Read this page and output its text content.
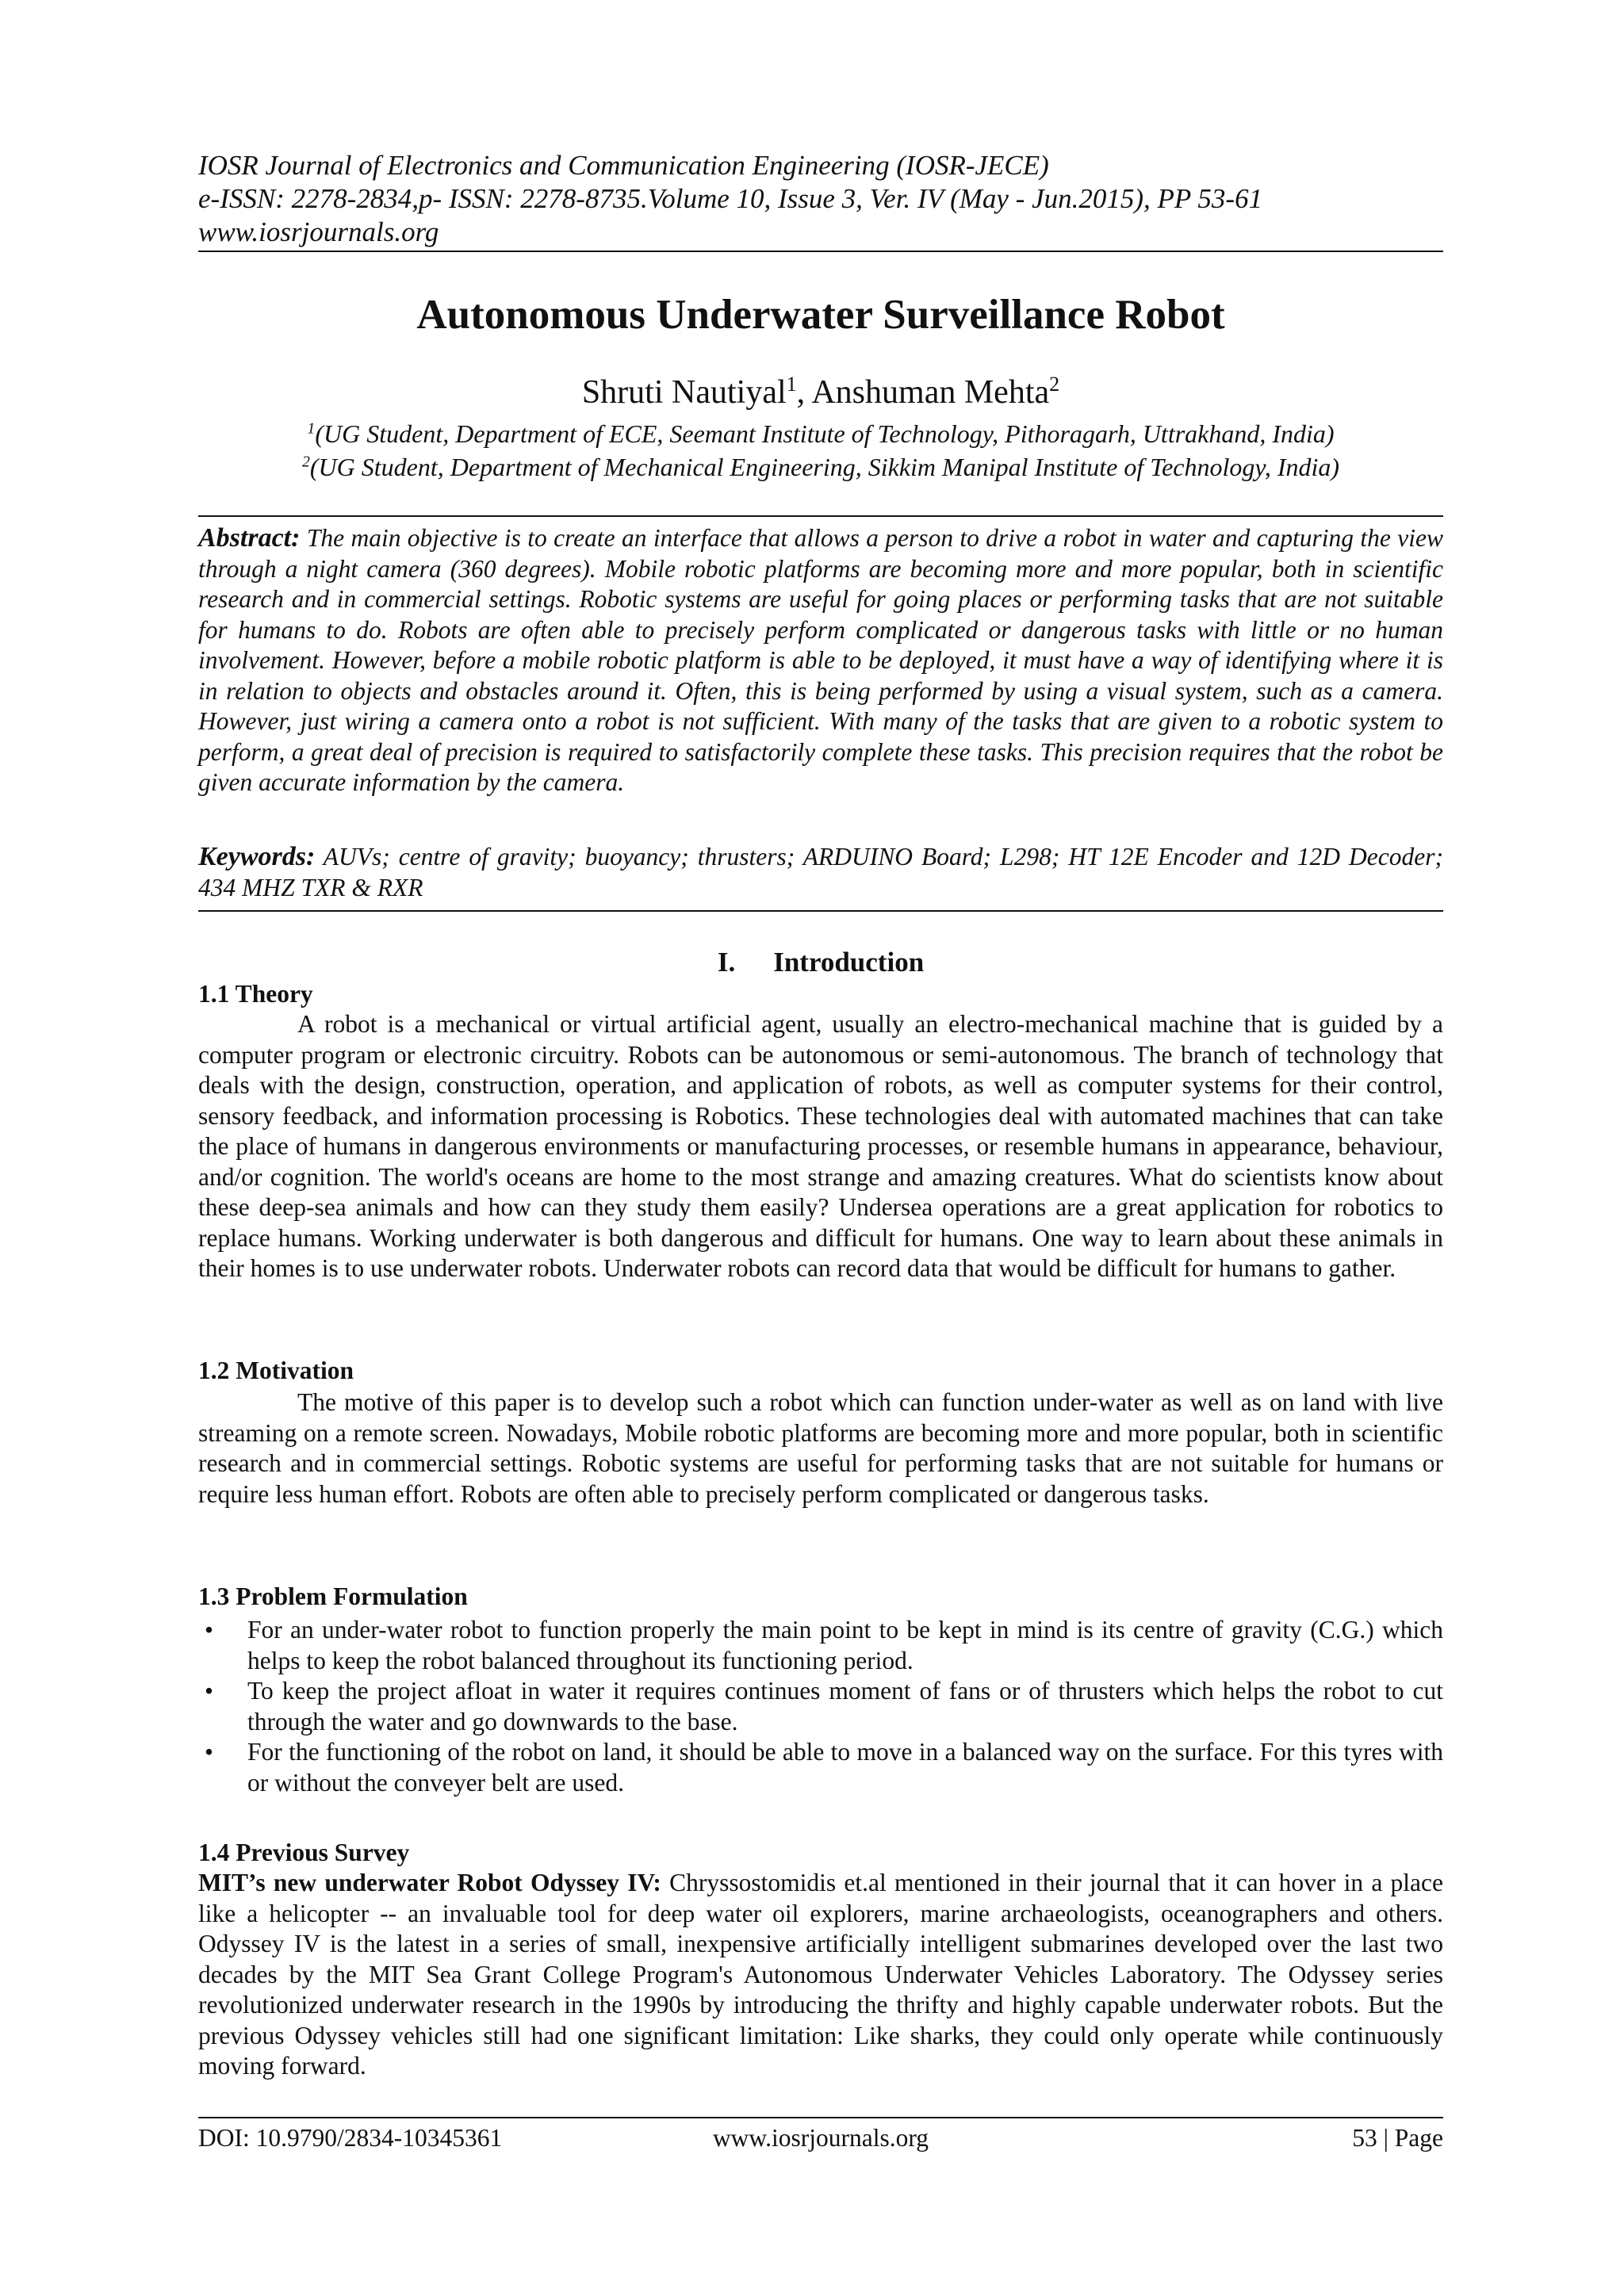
IOSR Journal of Electronics and Communication Engineering (IOSR-JECE)
e-ISSN: 2278-2834,p- ISSN: 2278-8735.Volume 10, Issue 3, Ver. IV (May - Jun.2015), PP 53-61
www.iosrjournals.org
Autonomous Underwater Surveillance Robot
Shruti Nautiyal$^1$, Anshuman Mehta$^2$
$^1$(UG Student, Department of ECE, Seemant Institute of Technology, Pithoragarh, Uttrakhand, India)
$^2$(UG Student, Department of Mechanical Engineering, Sikkim Manipal Institute of Technology, India)
Abstract: The main objective is to create an interface that allows a person to drive a robot in water and capturing the view through a night camera (360 degrees). Mobile robotic platforms are becoming more and more popular, both in scientific research and in commercial settings. Robotic systems are useful for going places or performing tasks that are not suitable for humans to do. Robots are often able to precisely perform complicated or dangerous tasks with little or no human involvement. However, before a mobile robotic platform is able to be deployed, it must have a way of identifying where it is in relation to objects and obstacles around it. Often, this is being performed by using a visual system, such as a camera. However, just wiring a camera onto a robot is not sufficient. With many of the tasks that are given to a robotic system to perform, a great deal of precision is required to satisfactorily complete these tasks. This precision requires that the robot be given accurate information by the camera.
Keywords: AUVs; centre of gravity; buoyancy; thrusters; ARDUINO Board; L298; HT 12E Encoder and 12D Decoder; 434 MHZ TXR & RXR
I. Introduction
1.1 Theory
A robot is a mechanical or virtual artificial agent, usually an electro-mechanical machine that is guided by a computer program or electronic circuitry. Robots can be autonomous or semi-autonomous. The branch of technology that deals with the design, construction, operation, and application of robots, as well as computer systems for their control, sensory feedback, and information processing is Robotics. These technologies deal with automated machines that can take the place of humans in dangerous environments or manufacturing processes, or resemble humans in appearance, behaviour, and/or cognition. The world's oceans are home to the most strange and amazing creatures. What do scientists know about these deep-sea animals and how can they study them easily? Undersea operations are a great application for robotics to replace humans. Working underwater is both dangerous and difficult for humans. One way to learn about these animals in their homes is to use underwater robots. Underwater robots can record data that would be difficult for humans to gather.
1.2 Motivation
The motive of this paper is to develop such a robot which can function under-water as well as on land with live streaming on a remote screen. Nowadays, Mobile robotic platforms are becoming more and more popular, both in scientific research and in commercial settings. Robotic systems are useful for performing tasks that are not suitable for humans or require less human effort. Robots are often able to precisely perform complicated or dangerous tasks.
1.3 Problem Formulation
• For an under-water robot to function properly the main point to be kept in mind is its centre of gravity (C.G.) which helps to keep the robot balanced throughout its functioning period.
• To keep the project afloat in water it requires continues moment of fans or of thrusters which helps the robot to cut through the water and go downwards to the base.
• For the functioning of the robot on land, it should be able to move in a balanced way on the surface. For this tyres with or without the conveyer belt are used.
1.4 Previous Survey
MIT’s new underwater Robot Odyssey IV: Chryssostomidis et.al mentioned in their journal that it can hover in a place like a helicopter -- an invaluable tool for deep water oil explorers, marine archaeologists, oceanographers and others. Odyssey IV is the latest in a series of small, inexpensive artificially intelligent submarines developed over the last two decades by the MIT Sea Grant College Program's Autonomous Underwater Vehicles Laboratory. The Odyssey series revolutionized underwater research in the 1990s by introducing the thrifty and highly capable underwater robots. But the previous Odyssey vehicles still had one significant limitation: Like sharks, they could only operate while continuously moving forward.
www.iosrjournals.org
DOI: 10.9790/2834-10345361	53 | Page
